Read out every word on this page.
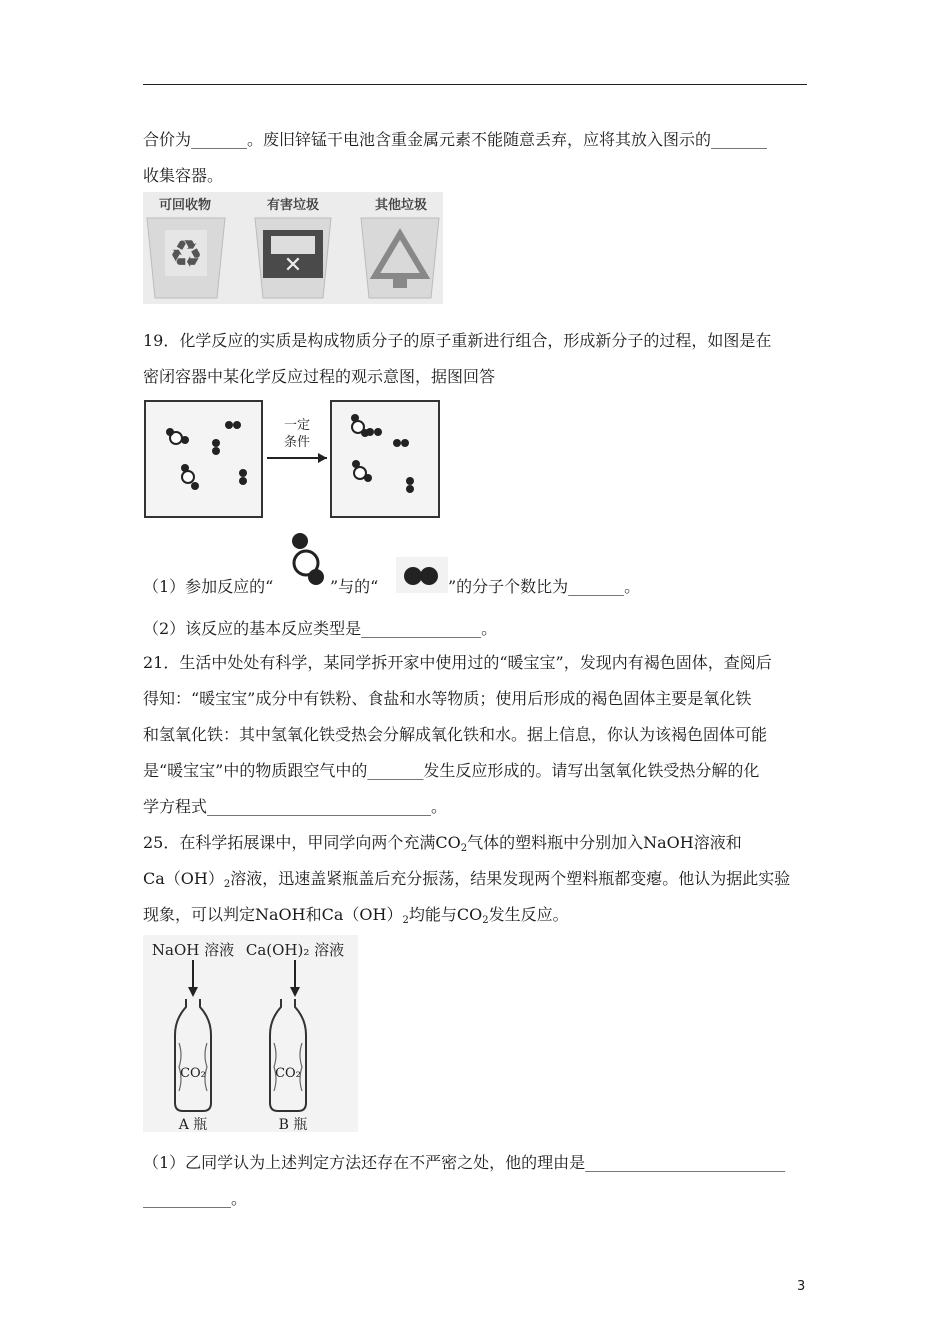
合价为_______。废旧锌锰干电池含重金属元素不能随意丢弃，应将其放入图示的_______
收集容器。
可回收物
♻
有害垃圾
✕
其他垃圾
19．化学反应的实质是构成物质分子的原子重新进行组合，形成新分子的过程，如图是在
密闭容器中某化学反应过程的观示意图，据图回答
一定
条件
（1）参加反应的“	”与的“	”的分子个数比为_______。
（2）该反应的基本反应类型是_______________。
21．生活中处处有科学，某同学拆开家中使用过的“暖宝宝”，发现内有褐色固体，查阅后
得知：“暖宝宝”成分中有铁粉、食盐和水等物质；使用后形成的褐色固体主要是氧化铁
和氢氧化铁：其中氢氧化铁受热会分解成氧化铁和水。据上信息，你认为该褐色固体可能
是“暖宝宝”中的物质跟空气中的_______发生反应形成的。请写出氢氧化铁受热分解的化
学方程式____________________________。
25．在科学拓展课中，甲同学向两个充满$CO_2$气体的塑料瓶中分别加入NaOH溶液和
$Ca(OH)_2$溶液，迅速盖紧瓶盖后充分振荡，结果发现两个塑料瓶都变瘪。他认为据此实验
现象，可以判定NaOH和$Ca(OH)_2$均能与$CO_2$发生反应。
NaOH 溶液 Ca(OH)₂ 溶液
CO₂
A 瓶
CO₂
B 瓶
（1）乙同学认为上述判定方法还存在不严密之处，他的理由是_________________________
___________。
3
